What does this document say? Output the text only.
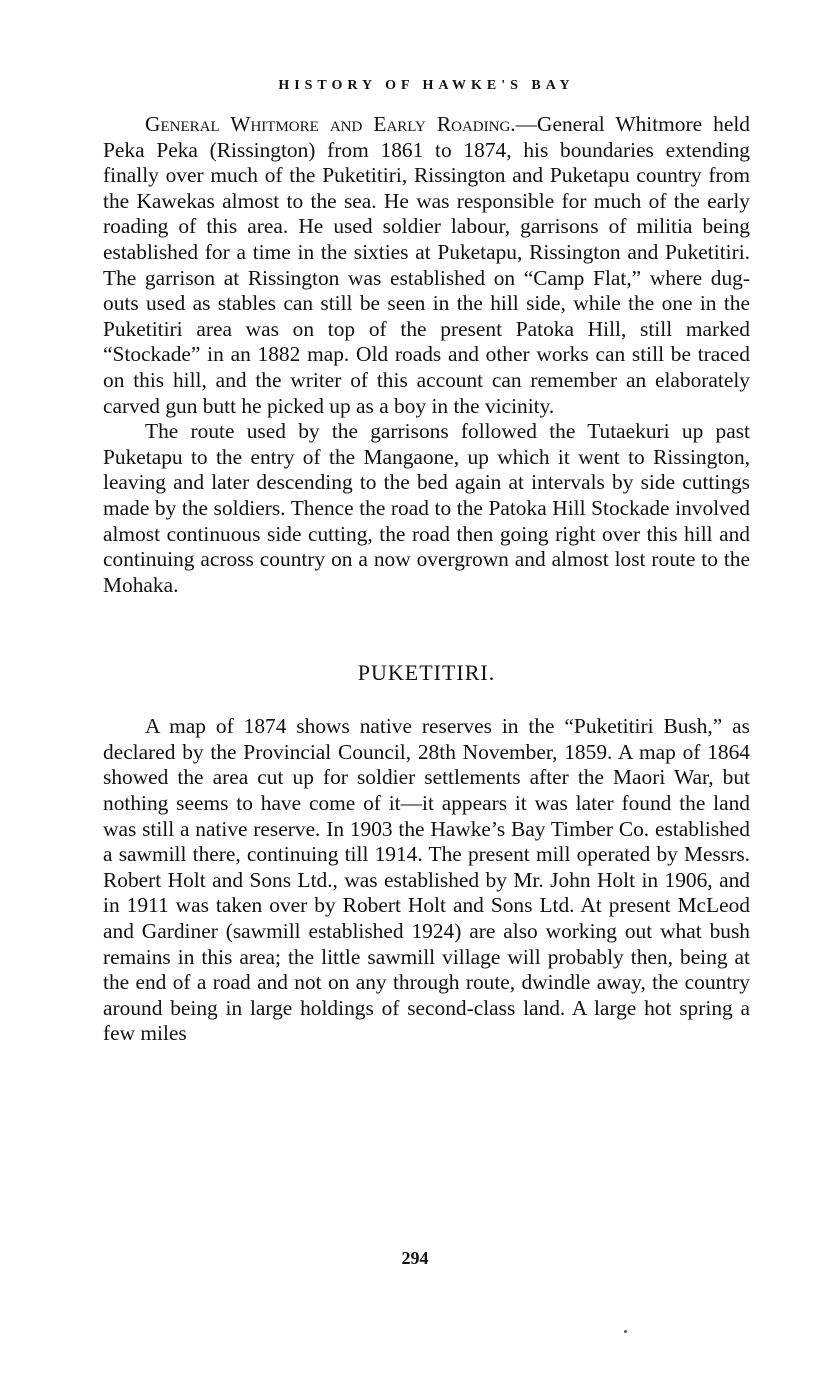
HISTORY OF HAWKE'S BAY

General Whitmore and Early Roading.—General Whitmore held Peka Peka (Rissington) from 1861 to 1874, his boundaries extending finally over much of the Puketitiri, Rissington and Puketapu country from the Kawekas almost to the sea. He was responsible for much of the early roading of this area. He used soldier labour, garrisons of militia being established for a time in the sixties at Puketapu, Rissington and Puketitiri. The garrison at Rissington was established on “Camp Flat,” where dug-outs used as stables can still be seen in the hill side, while the one in the Puketitiri area was on top of the present Patoka Hill, still marked “Stockade” in an 1882 map. Old roads and other works can still be traced on this hill, and the writer of this account can remember an elaborately carved gun butt he picked up as a boy in the vicinity.

The route used by the garrisons followed the Tutaekuri up past Puketapu to the entry of the Mangaone, up which it went to Rissington, leaving and later descending to the bed again at intervals by side cuttings made by the soldiers. Thence the road to the Patoka Hill Stockade involved almost continuous side cutting, the road then going right over this hill and continuing across country on a now overgrown and almost lost route to the Mohaka.

PUKETITIRI.

A map of 1874 shows native reserves in the “Puketitiri Bush,” as declared by the Provincial Council, 28th November, 1859. A map of 1864 showed the area cut up for soldier settlements after the Maori War, but nothing seems to have come of it—it appears it was later found the land was still a native reserve. In 1903 the Hawke’s Bay Timber Co. established a sawmill there, continuing till 1914. The present mill operated by Messrs. Robert Holt and Sons Ltd., was established by Mr. John Holt in 1906, and in 1911 was taken over by Robert Holt and Sons Ltd. At present McLeod and Gardiner (sawmill established 1924) are also working out what bush remains in this area; the little sawmill village will probably then, being at the end of a road and not on any through route, dwindle away, the country around being in large holdings of second-class land. A large hot spring a few miles

294
